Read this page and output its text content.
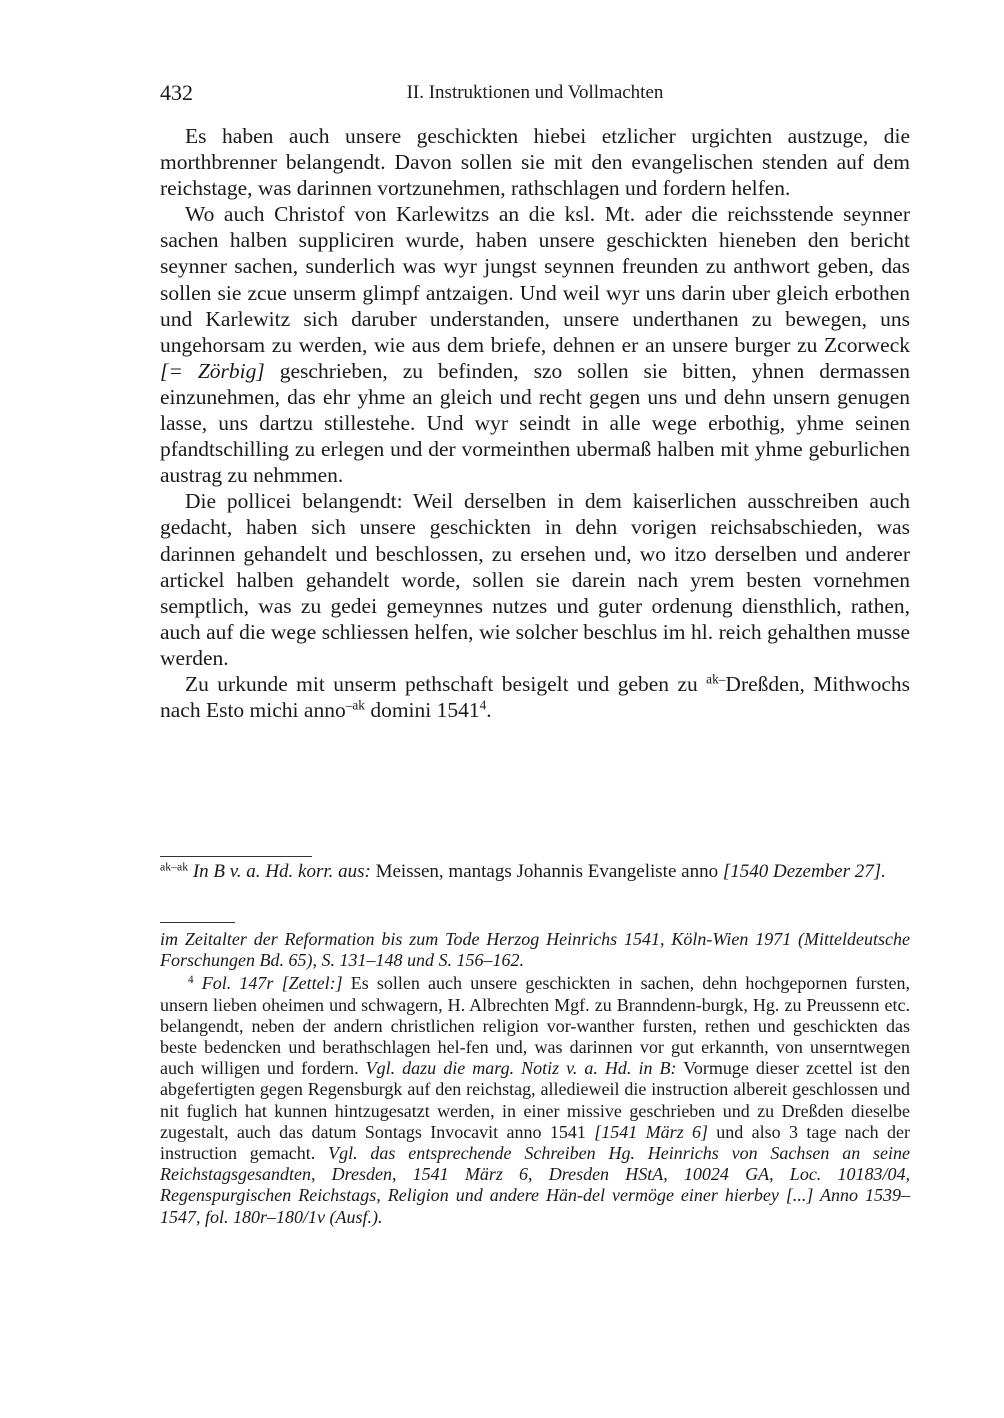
432	II. Instruktionen und Vollmachten

Es haben auch unsere geschickten hiebei etzlicher urgichten austzuge, die morthbrenner belangendt. Davon sollen sie mit den evangelischen stenden auf dem reichstage, was darinnen vortzunehmen, rathschlagen und fordern helfen.

Wo auch Christof von Karlewitzs an die ksl. Mt. ader die reichsstende seynner sachen halben suppliciren wurde, haben unsere geschickten hieneben den bericht seynner sachen, sunderlich was wyr jungst seynnen freunden zu anthwort geben, das sollen sie zcue unserm glimpf antzaigen. Und weil wyr uns darin uber gleich erbothen und Karlewitz sich daruber understanden, unsere underthanen zu bewegen, uns ungehorsam zu werden, wie aus dem briefe, dehnen er an unsere burger zu Zcorweck [= Zörbig] geschrieben, zu befinden, szo sollen sie bitten, yhnen dermassen einzunehmen, das ehr yhme an gleich und recht gegen uns und dehn unsern genugen lasse, uns dartzu stillestehe. Und wyr seindt in alle wege erbothig, yhme seinen pfandtschilling zu erlegen und der vormeinthen ubermaß halben mit yhme geburlichen austrag zu nehmmen.

Die pollicei belangendt: Weil derselben in dem kaiserlichen ausschreiben auch gedacht, haben sich unsere geschickten in dehn vorigen reichsabschieden, was darinnen gehandelt und beschlossen, zu ersehen und, wo itzo derselben und anderer artickel halben gehandelt worde, sollen sie darein nach yrem besten vornehmen semptlich, was zu gedei gemeynnes nutzes und guter ordenung diensthlich, rathen, auch auf die wege schliessen helfen, wie solcher beschlus im hl. reich gehalthen musse werden.

Zu urkunde mit unserm pethschaft besigelt und geben zu $^{ak-}$Dreßden, Mithwochs nach Esto michi anno$^{-ak}$ domini 1541$^4$.

$^{ak-ak}$ In B v. a. Hd. korr. aus: Meissen, mantags Johannis Evangeliste anno [1540 Dezember 27].

im Zeitalter der Reformation bis zum Tode Herzog Heinrichs 1541, Köln-Wien 1971 (Mitteldeutsche Forschungen Bd. 65), S. 131–148 und S. 156–162.

$^4$ Fol. 147r [Zettel:] Es sollen auch unsere geschickten in sachen, dehn hochgepornen fursten, unsern lieben oheimen und schwagern, H. Albrechten Mgf. zu Branndenn-burgk, Hg. zu Preussenn etc. belangendt, neben der andern christlichen religion vor-wanther fursten, rethen und geschickten das beste bedencken und berathschlagen hel-fen und, was darinnen vor gut erkannth, von unserntwegen auch willigen und fordern. Vgl. dazu die marg. Notiz v. a. Hd. in B: Vormuge dieser zcettel ist den abgefertigten gegen Regensburgk auf den reichstag, alledieweil die instruction albereit geschlossen und nit fuglich hat kunnen hintzugesatzt werden, in einer missive geschrieben und zu Dreßden dieselbe zugestalt, auch das datum Sontags Invocavit anno 1541 [1541 März 6] und also 3 tage nach der instruction gemacht. Vgl. das entsprechende Schreiben Hg. Heinrichs von Sachsen an seine Reichstagsgesandten, Dresden, 1541 März 6, Dresden HStA, 10024 GA, Loc. 10183/04, Regenspurgischen Reichstags, Religion und andere Hän-del vermöge einer hierbey [...] Anno 1539–1547, fol. 180r–180/1v (Ausf.).
